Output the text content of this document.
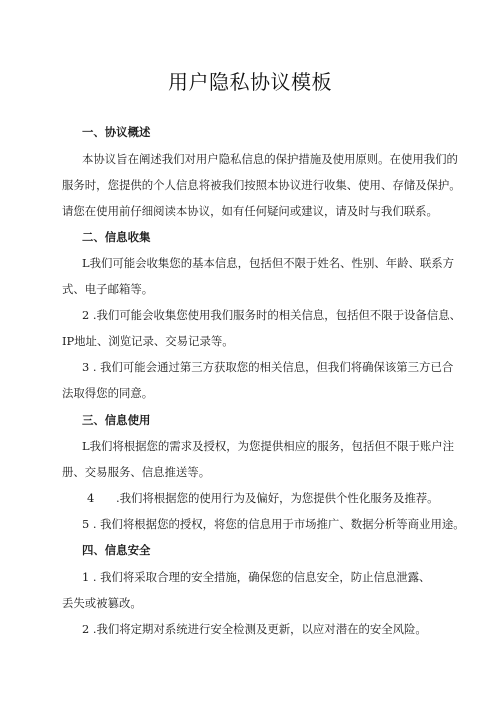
用户隐私协议模板
一、协议概述
本协议旨在阐述我们对用户隐私信息的保护措施及使用原则。在使用我们的
服务时，您提供的个人信息将被我们按照本协议进行收集、使用、存储及保护。
请您在使用前仔细阅读本协议，如有任何疑问或建议，请及时与我们联系。
二、信息收集
L我们可能会收集您的基本信息，包括但不限于姓名、性别、年龄、联系方
式、电子邮箱等。
2 .我们可能会收集您使用我们服务时的相关信息，包括但不限于设备信息、
IP地址、浏览记录、交易记录等。
3 . 我们可能会通过第三方获取您的相关信息，但我们将确保该第三方已合
法取得您的同意。
三、信息使用
L我们将根据您的需求及授权，为您提供相应的服务，包括但不限于账户注
册、交易服务、信息推送等。
4 .我们将根据您的使用行为及偏好，为您提供个性化服务及推荐。
5 . 我们将根据您的授权，将您的信息用于市场推广、数据分析等商业用途。
四、信息安全
1 . 我们将采取合理的安全措施，确保您的信息安全，防止信息泄露、
丢失或被篡改。
2 .我们将定期对系统进行安全检测及更新，以应对潜在的安全风险。
